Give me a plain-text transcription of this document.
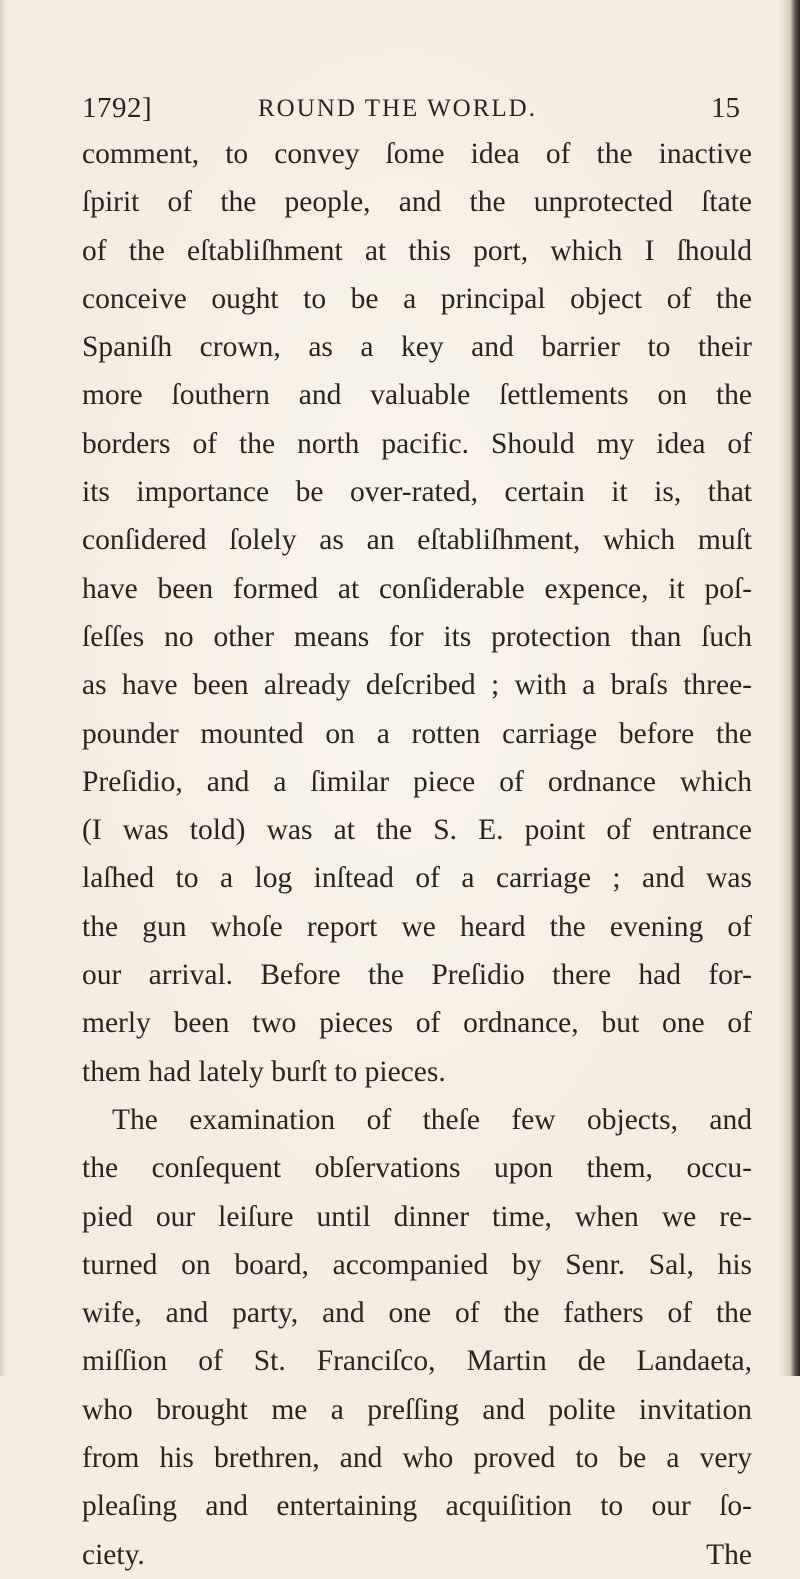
1792]	ROUND THE WORLD.	15
comment, to convey ſome idea of the inactive
ſpirit of the people, and the unprotected ſtate
of the eſtabliſhment at this port, which I ſhould
conceive ought to be a principal object of the
Spaniſh crown, as a key and barrier to their
more ſouthern and valuable ſettlements on the
borders of the north pacific. Should my idea of
its importance be over-rated, certain it is, that
conſidered ſolely as an eſtabliſhment, which muſt
have been formed at conſiderable expence, it poſ-
ſeſſes no other means for its protection than ſuch
as have been already deſcribed ; with a braſs three-
pounder mounted on a rotten carriage before the
Preſidio, and a ſimilar piece of ordnance which
(I was told) was at the S. E. point of entrance
laſhed to a log inſtead of a carriage ; and was
the gun whoſe report we heard the evening of
our arrival. Before the Preſidio there had for-
merly been two pieces of ordnance, but one of
them had lately burſt to pieces.
The examination of theſe few objects, and
the conſequent obſervations upon them, occu-
pied our leiſure until dinner time, when we re-
turned on board, accompanied by Senr. Sal, his
wife, and party, and one of the fathers of the
miſſion of St. Franciſco, Martin de Landaeta,
who brought me a preſſing and polite invitation
from his brethren, and who proved to be a very
pleaſing and entertaining acquiſition to our ſo-
ciety.	The
